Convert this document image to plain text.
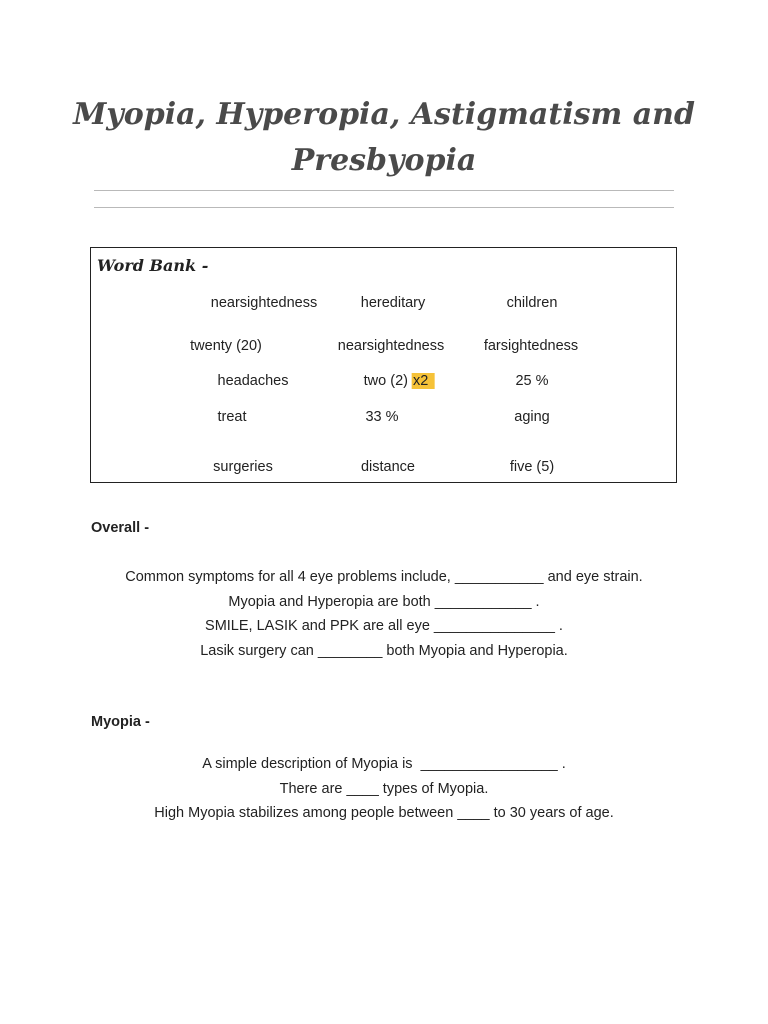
Myopia, Hyperopia, Astigmatism and
Presbyopia
Word Bank -
nearsightedness	hereditary	children
twenty (20)	nearsightedness	farsightedness
headaches	two (2) x2	25 %
treat	33 %	aging
surgeries	distance	five (5)
Overall -
Common symptoms for all 4 eye problems include, ___________ and eye strain.
Myopia and Hyperopia are both ____________ .
SMILE, LASIK and PPK are all eye _______________ .
Lasik surgery can ________ both Myopia and Hyperopia.
Myopia -
A simple description of Myopia is  _________________ .
There are ____ types of Myopia.
High Myopia stabilizes among people between ____ to 30 years of age.
